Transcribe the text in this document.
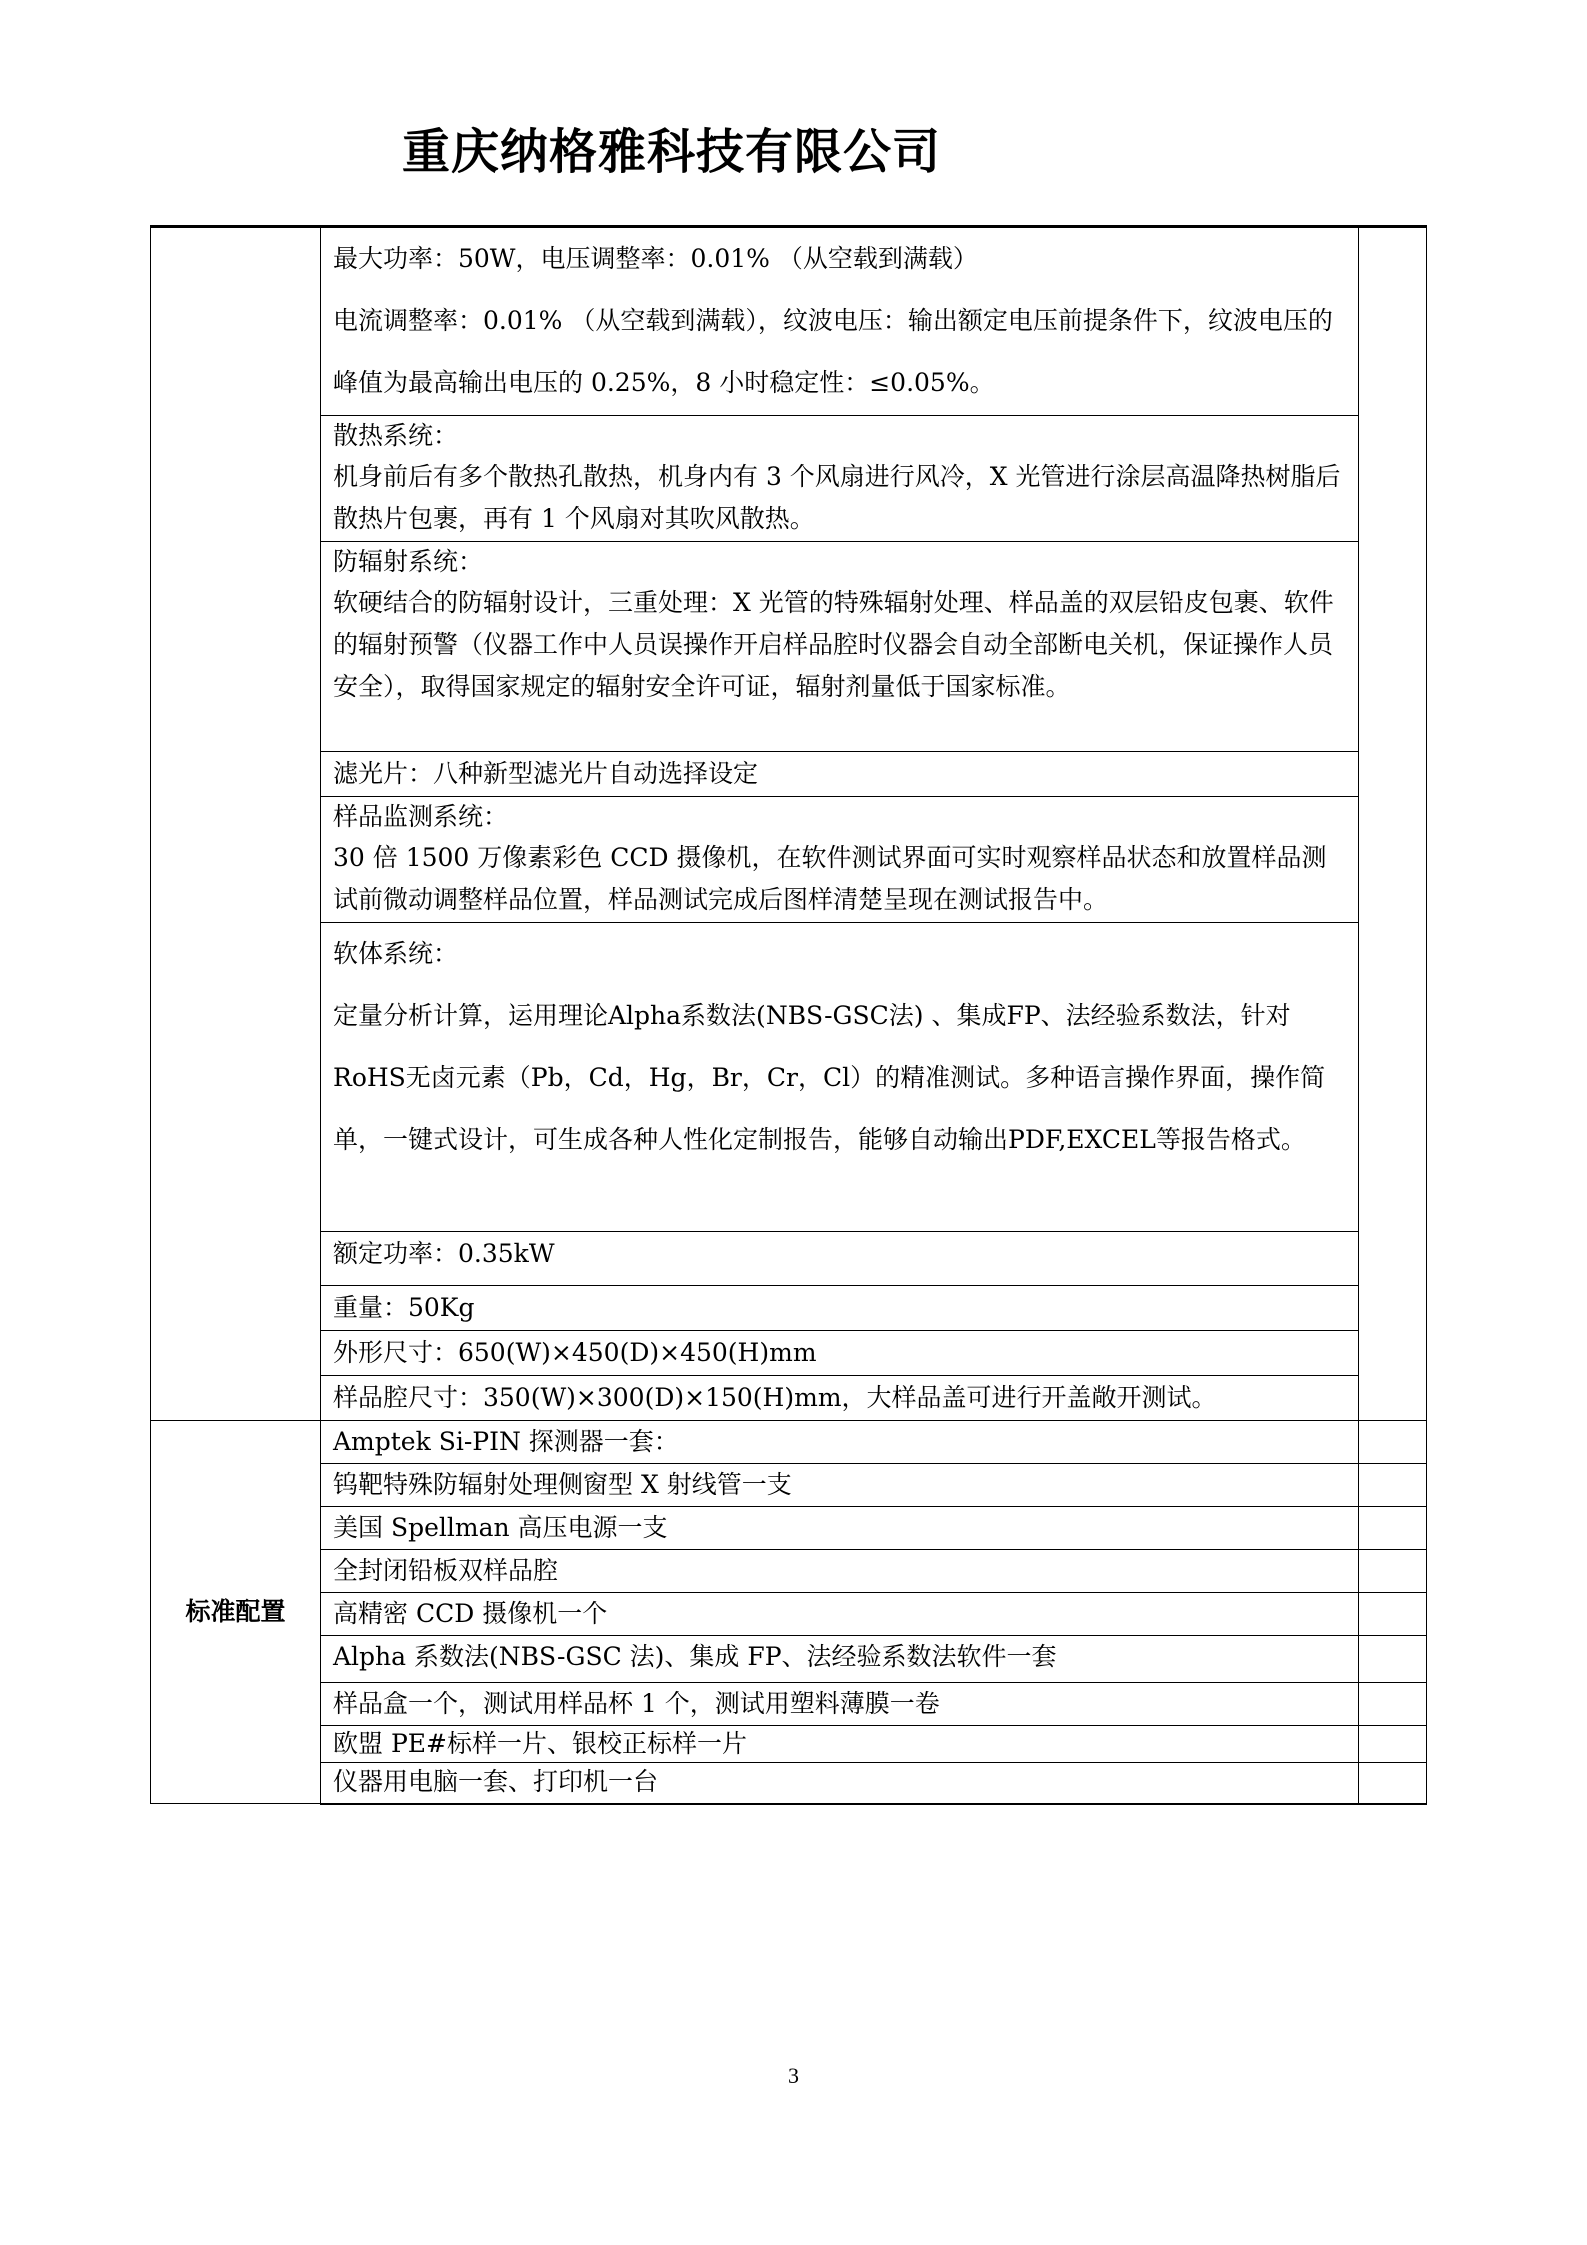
重庆纳格雅科技有限公司

	最大功率：50W，电压调整率：0.01% （从空载到满载）
电流调整率：0.01% （从空载到满载），纹波电压：输出额定电压前提条件下，纹波电压的峰值为最高输出电压的 0.25%，8 小时稳定性：≤0.05%。	

	散热系统：
机身前后有多个散热孔散热，机身内有 3 个风扇进行风冷，X 光管进行涂层高温降热树脂后散热片包裹，再有 1 个风扇对其吹风散热。	

	防辐射系统：
软硬结合的防辐射设计，三重处理：X 光管的特殊辐射处理、样品盖的双层铅皮包裹、软件的辐射预警（仪器工作中人员误操作开启样品腔时仪器会自动全部断电关机，保证操作人员安全），取得国家规定的辐射安全许可证，辐射剂量低于国家标准。	

	滤光片：八种新型滤光片自动选择设定	

	样品监测系统：
30 倍 1500 万像素彩色 CCD 摄像机，在软件测试界面可实时观察样品状态和放置样品测试前微动调整样品位置，样品测试完成后图样清楚呈现在测试报告中。	

	软体系统：
定量分析计算，运用理论Alpha系数法(NBS-GSC法) 、集成FP、法经验系数法，针对RoHS无卤元素（Pb，Cd，Hg，Br，Cr，Cl）的精准测试。多种语言操作界面，操作简单，一键式设计，可生成各种人性化定制报告，能够自动输出PDF,EXCEL等报告格式。	

	额定功率：0.35kW	
	重量：50Kg	
	外形尺寸：650(W)×450(D)×450(H)mm	
	样品腔尺寸：350(W)×300(D)×150(H)mm，大样品盖可进行开盖敞开测试。	
标准配置	Amptek Si-PIN 探测器一套：	
	钨靶特殊防辐射处理侧窗型 X 射线管一支	
	美国 Spellman 高压电源一支	
	全封闭铅板双样品腔	
	高精密 CCD 摄像机一个	
	Alpha 系数法(NBS-GSC 法)、集成 FP、法经验系数法软件一套	
	样品盒一个，测试用样品杯 1 个，测试用塑料薄膜一卷	
	欧盟 PE#标样一片、银校正标样一片	
	仪器用电脑一套、打印机一台	
3
